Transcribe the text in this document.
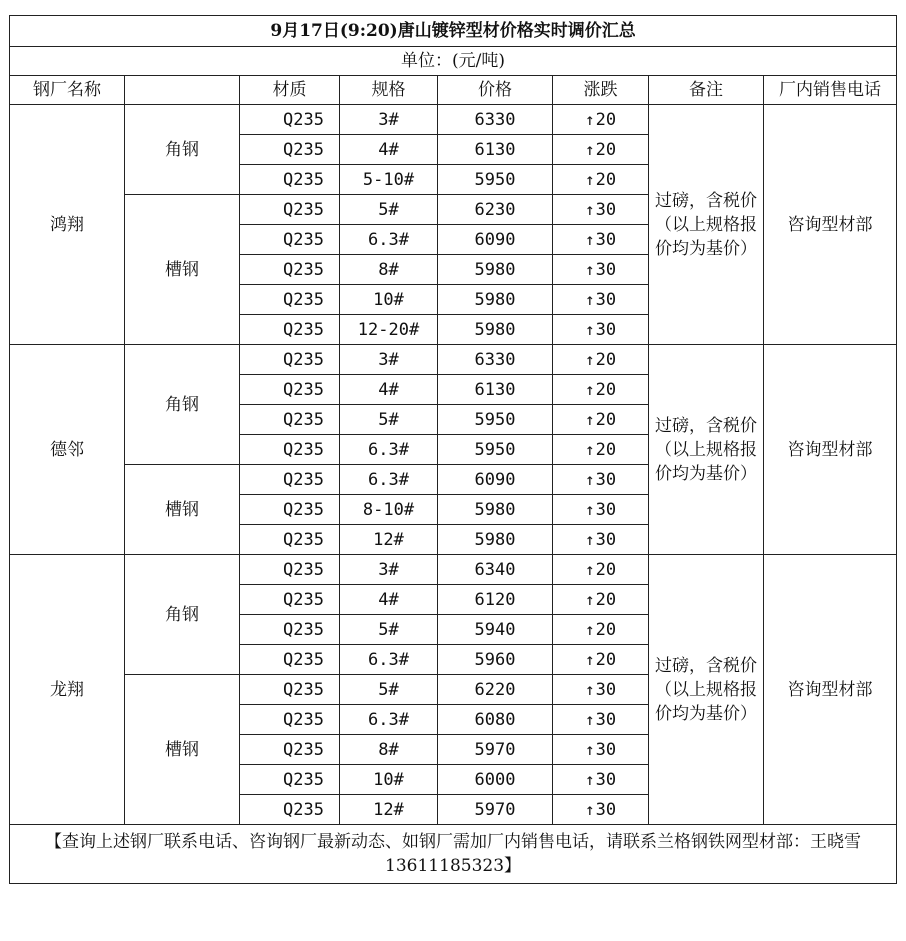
9月17日(9:20)唐山镀锌型材价格实时调价汇总							
单位：(元/吨)							
钢厂名称		材质	规格	价格	涨跌	备注	厂内销售电话
鸿翔	角钢	Q235	3#	6330	↑20	过磅，含税价（以上规格报价均为基价）	咨询型材部
		Q235	4#	6130	↑20		
		Q235	5-10#	5950	↑20		
	槽钢	Q235	5#	6230	↑30		
		Q235	6.3#	6090	↑30		
		Q235	8#	5980	↑30		
		Q235	10#	5980	↑30		
		Q235	12-20#	5980	↑30		
德邻	角钢	Q235	3#	6330	↑20	过磅，含税价（以上规格报价均为基价）	咨询型材部
		Q235	4#	6130	↑20		
		Q235	5#	5950	↑20		
		Q235	6.3#	5950	↑20		
	槽钢	Q235	6.3#	6090	↑30		
		Q235	8-10#	5980	↑30		
		Q235	12#	5980	↑30		
龙翔	角钢	Q235	3#	6340	↑20	过磅，含税价（以上规格报价均为基价）	咨询型材部
		Q235	4#	6120	↑20		
		Q235	5#	5940	↑20		
		Q235	6.3#	5960	↑20		
	槽钢	Q235	5#	6220	↑30		
		Q235	6.3#	6080	↑30		
		Q235	8#	5970	↑30		
		Q235	10#	6000	↑30		
		Q235	12#	5970	↑30		
【查询上述钢厂联系电话、咨询钢厂最新动态、如钢厂需加厂内销售电话，请联系兰格钢铁网型材部：王晓雪13611185323】							
